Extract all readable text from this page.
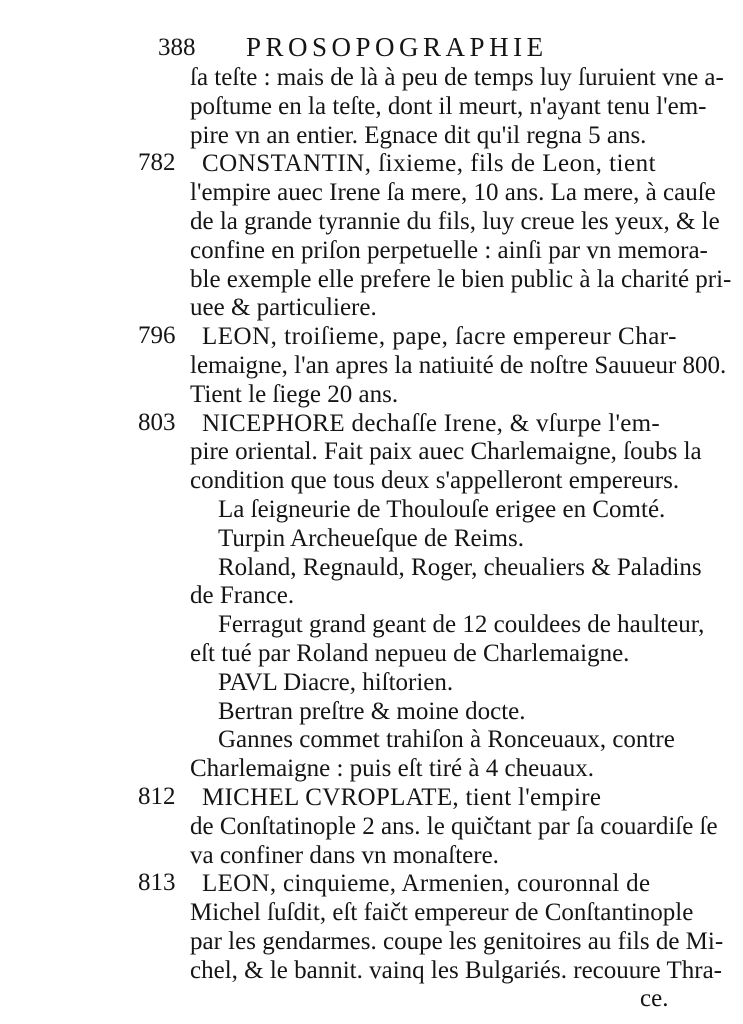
388 PROSOPOGRAPHIE
ſa teſte : mais de là à peu de temps luy ſuruient vne a-
poſtume en la teſte, dont il meurt, n'ayant tenu l'em-
pire vn an entier. Egnace dit qu'il regna 5 ans.
CONSTANTIN, ſixieme, fils de Leon, tient
l'empire auec Irene ſa mere, 10 ans. La mere, à cauſe
de la grande tyrannie du fils, luy creue les yeux, & le
confine en priſon perpetuelle : ainſi par vn memora-
ble exemple elle prefere le bien public à la charité pri-
uee & particuliere.
LEON, troiſieme, pape, ſacre empereur Char-
lemaigne, l'an apres la natiuité de noſtre Sauueur 800.
Tient le ſiege 20 ans.
NICEPHORE dechaſſe Irene, & vſurpe l'em-
pire oriental. Fait paix auec Charlemaigne, ſoubs la
condition que tous deux s'appelleront empereurs.
La ſeigneurie de Thoulouſe erigee en Comté.
Turpin Archeueſque de Reims.
Roland, Regnauld, Roger, cheualiers & Paladins
de France.
Ferragut grand geant de 12 couldees de haulteur,
eſt tué par Roland nepueu de Charlemaigne.
PAVL Diacre, hiſtorien.
Bertran preſtre & moine docte.
Gannes commet trahiſon à Ronceuaux, contre
Charlemaigne : puis eſt tiré à 4 cheuaux.
MICHEL CVROPLATE, tient l'empire
de Conſtatinople 2 ans. le quičtant par ſa couardiſe ſe
va confiner dans vn monaſtere.
LEON, cinquieme, Armenien, couronnal de
Michel ſuſdit, eſt faičt empereur de Conſtantinople
par les gendarmes. coupe les genitoires au fils de Mi-
chel, & le bannit. vainq les Bulgariés. recouure Thra-
782
796
803
812
813
ce.
